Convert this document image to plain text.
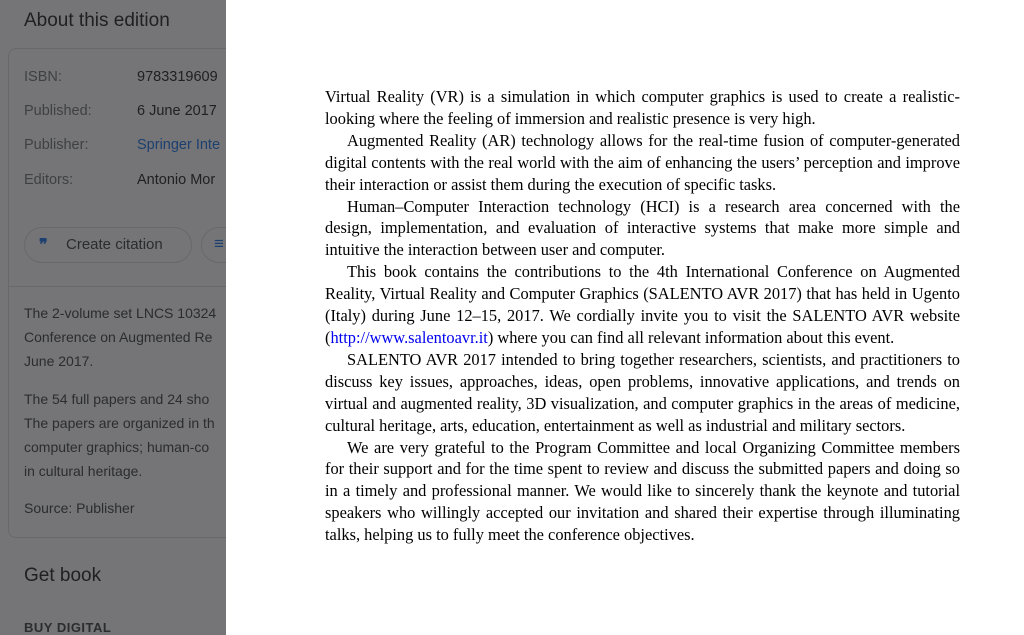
Virtual Reality (VR) is a simulation in which computer graphics is used to create a realistic-looking where the feeling of immersion and realistic presence is very high.

Augmented Reality (AR) technology allows for the real-time fusion of computer-generated digital contents with the real world with the aim of enhancing the users’ perception and improve their interaction or assist them during the execution of specific tasks.

Human–Computer Interaction technology (HCI) is a research area concerned with the design, implementation, and evaluation of interactive systems that make more simple and intuitive the interaction between user and computer.

This book contains the contributions to the 4th International Conference on Augmented Reality, Virtual Reality and Computer Graphics (SALENTO AVR 2017) that has held in Ugento (Italy) during June 12–15, 2017. We cordially invite you to visit the SALENTO AVR website (http://www.salentoavr.it) where you can find all relevant information about this event.

SALENTO AVR 2017 intended to bring together researchers, scientists, and practitioners to discuss key issues, approaches, ideas, open problems, innovative applications, and trends on virtual and augmented reality, 3D visualization, and computer graphics in the areas of medicine, cultural heritage, arts, education, entertainment as well as industrial and military sectors.

We are very grateful to the Program Committee and local Organizing Committee members for their support and for the time spent to review and discuss the submitted papers and doing so in a timely and professional manner. We would like to sincerely thank the keynote and tutorial speakers who willingly accepted our invitation and shared their expertise through illuminating talks, helping us to fully meet the conference objectives.
